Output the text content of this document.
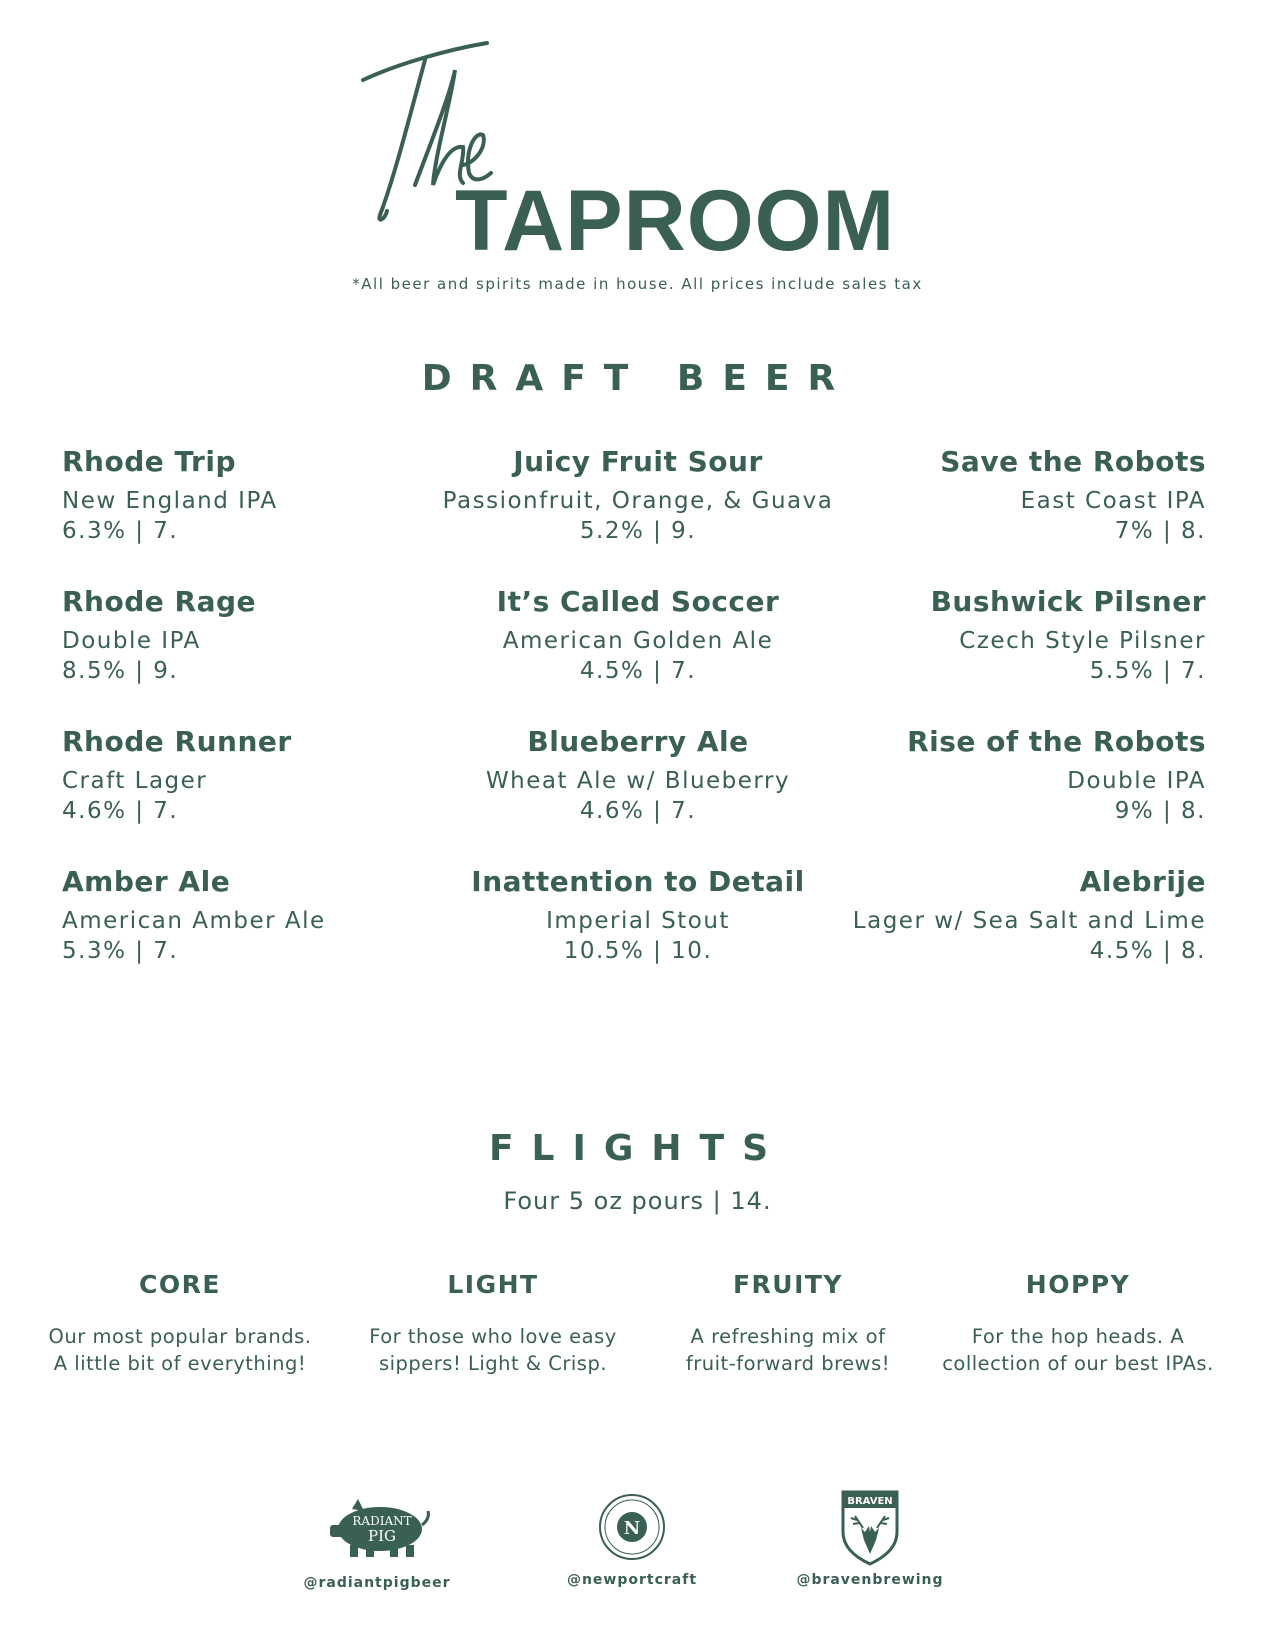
TAPROOM
*All beer and spirits made in house. All prices include sales tax
DRAFT BEER
Rhode Trip
New England IPA
6.3% | 7.
Rhode Rage
Double IPA
8.5% | 9.
Rhode Runner
Craft Lager
4.6% | 7.
Amber Ale
American Amber Ale
5.3% | 7.
Juicy Fruit Sour
Passionfruit, Orange, & Guava
5.2% | 9.
It’s Called Soccer
American Golden Ale
4.5% | 7.
Blueberry Ale
Wheat Ale w/ Blueberry
4.6% | 7.
Inattention to Detail
Imperial Stout
10.5% | 10.
Save the Robots
East Coast IPA
7% | 8.
Bushwick Pilsner
Czech Style Pilsner
5.5% | 7.
Rise of the Robots
Double IPA
9% | 8.
Alebrije
Lager w/ Sea Salt and Lime
4.5% | 8.
FLIGHTS
Four 5 oz pours | 14.
CORE
Our most popular brands.
A little bit of everything!
LIGHT
For those who love easy
sippers! Light & Crisp.
FRUITY
A refreshing mix of
fruit-forward brews!
HOPPY
For the hop heads. A
collection of our best IPAs.
RADIANT
PIG
@radiantpigbeer
N
@newportcraft
BRAVEN
@bravenbrewing
